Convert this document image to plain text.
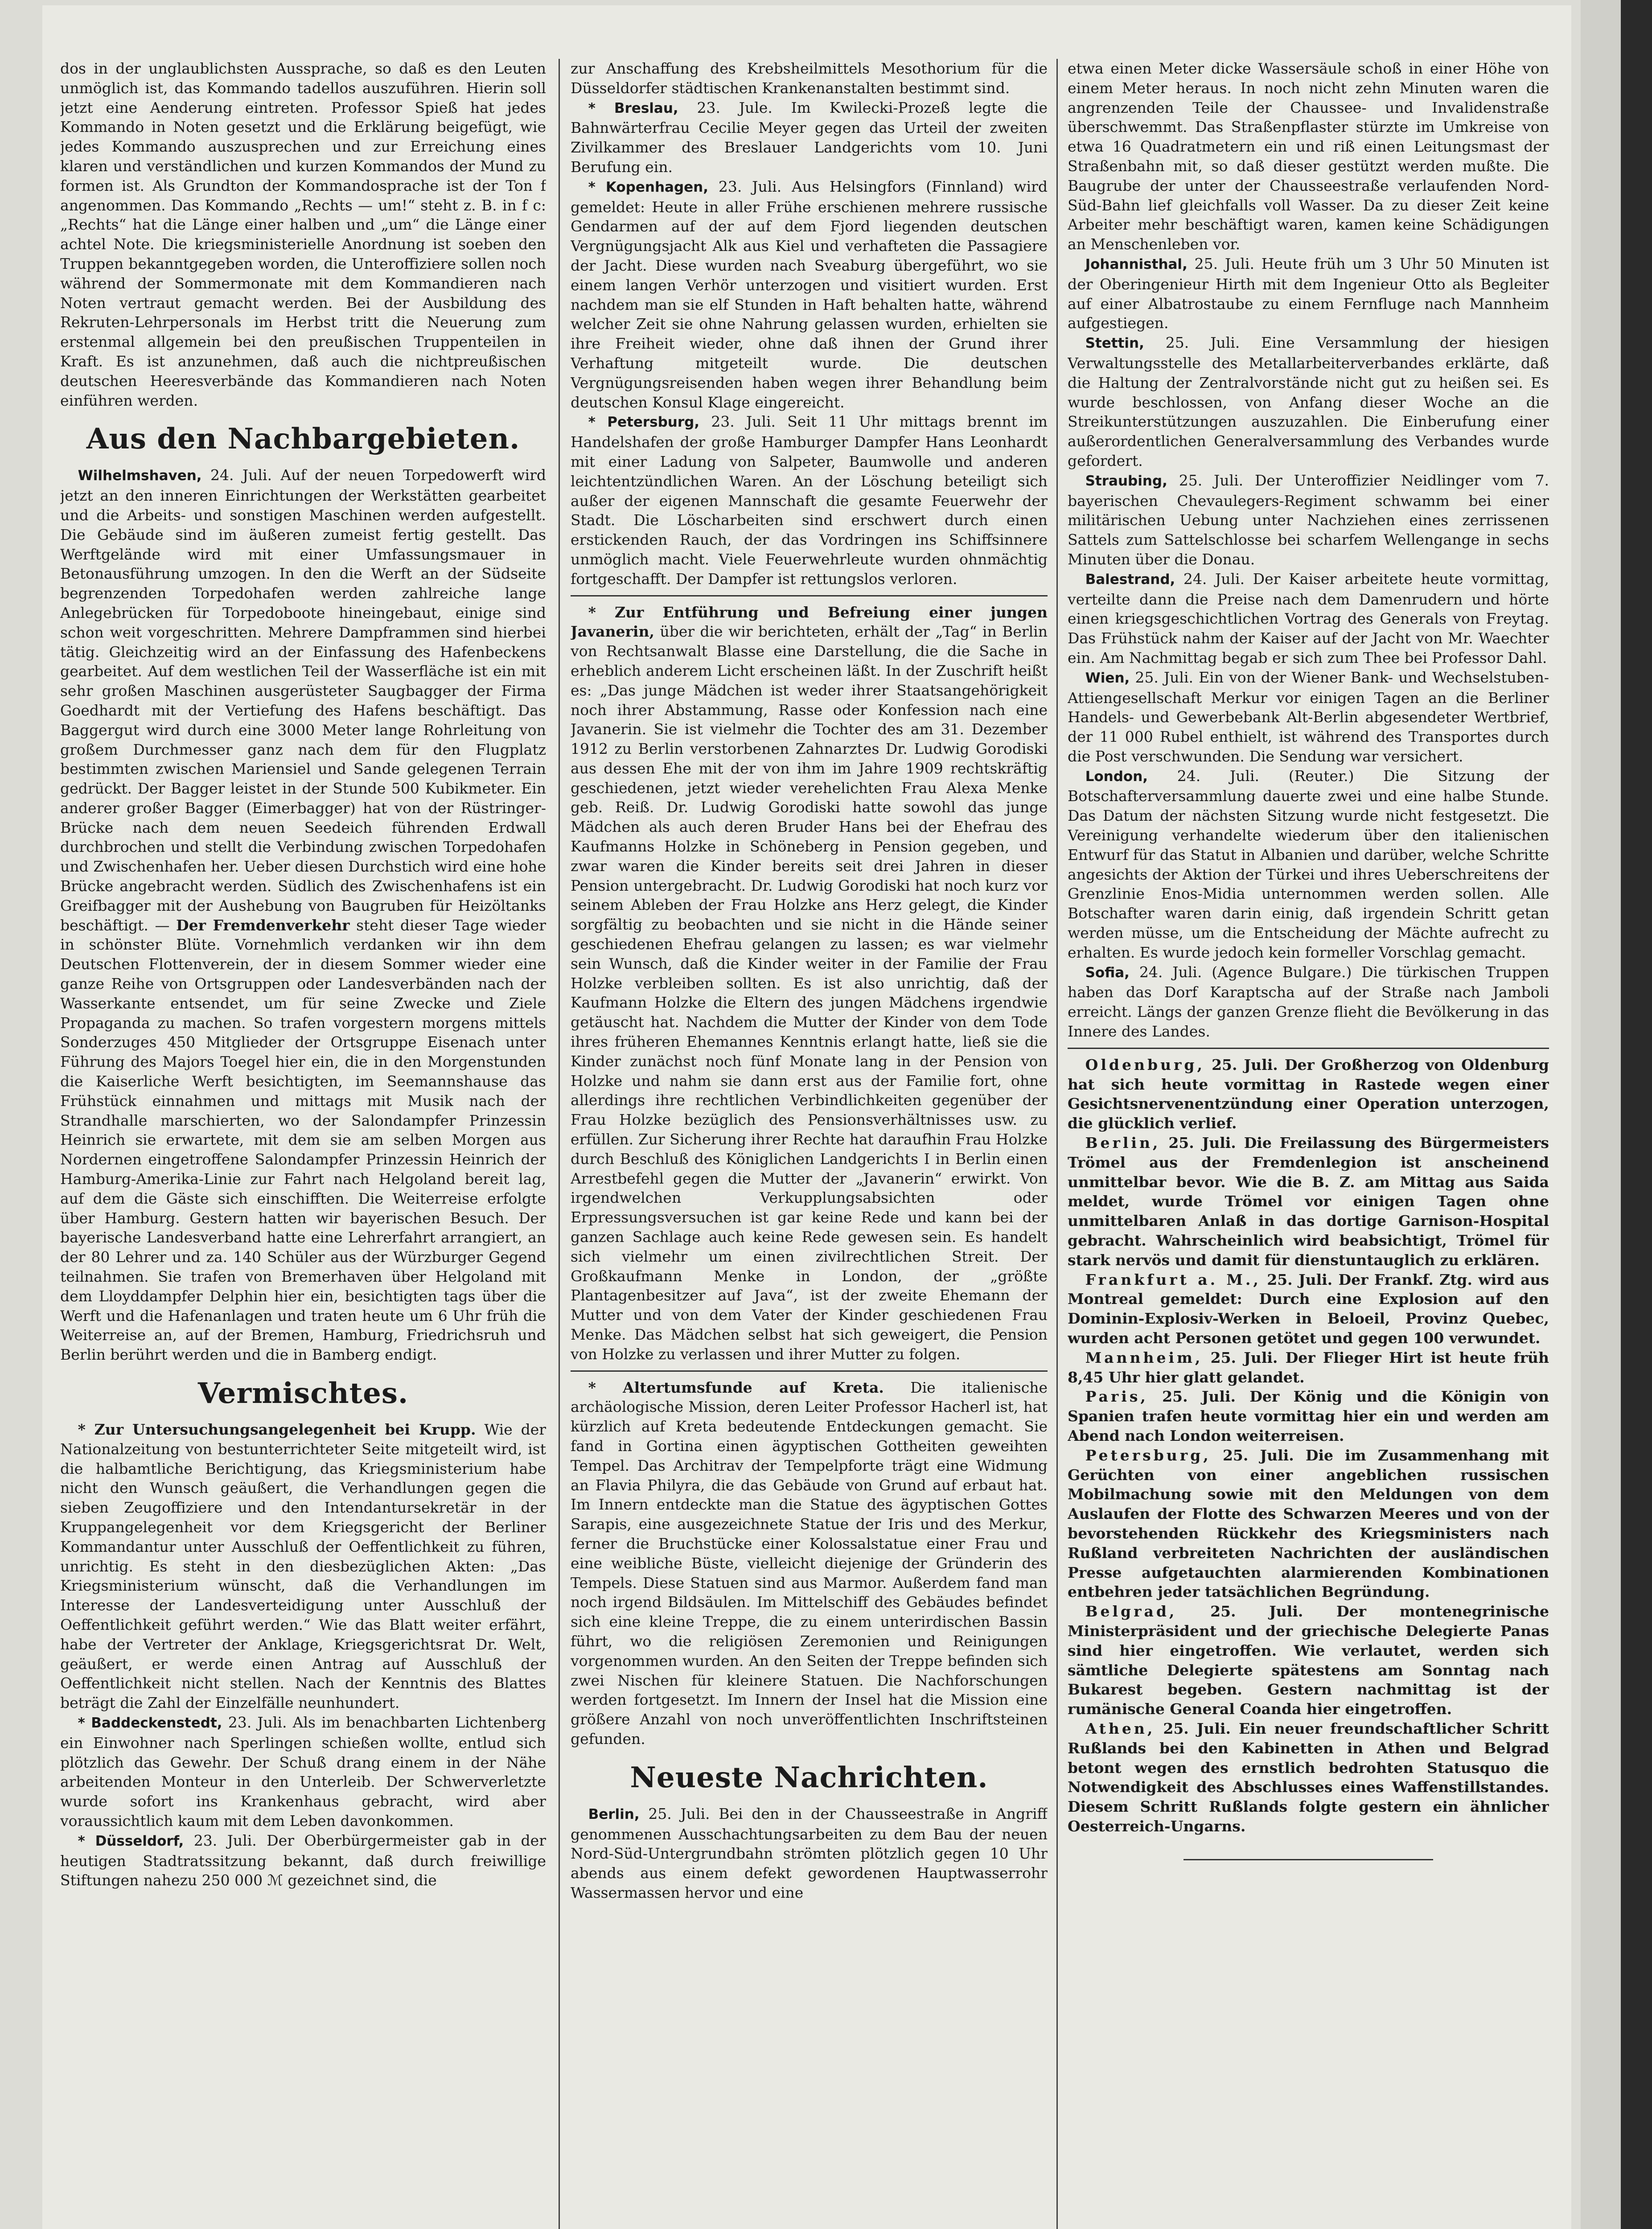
dos in der unglaublichsten Aussprache, so daß es den Leuten unmöglich ist, das Kommando tadellos auszuführen. Hierin soll jetzt eine Aenderung eintreten. Professor Spieß hat jedes Kommando in Noten gesetzt und die Erklärung beigefügt, wie jedes Kommando auszusprechen und zur Erreichung eines klaren und verständlichen und kurzen Kommandos der Mund zu formen ist. Als Grundton der Kommandosprache ist der Ton f angenommen. Das Kommando „Rechts — um!“ steht z. B. in f c: „Rechts“ hat die Länge einer halben und „um“ die Länge einer achtel Note. Die kriegsministerielle Anordnung ist soeben den Truppen bekanntgegeben worden, die Unteroffiziere sollen noch während der Sommermonate mit dem Kommandieren nach Noten vertraut gemacht werden. Bei der Ausbildung des Rekruten-Lehrpersonals im Herbst tritt die Neuerung zum erstenmal allgemein bei den preußischen Truppenteilen in Kraft. Es ist anzunehmen, daß auch die nichtpreußischen deutschen Heeresverbände das Kommandieren nach Noten einführen werden.

Aus den Nachbargebieten.

Wilhelmshaven, 24. Juli. Auf der neuen Torpedowerft wird jetzt an den inneren Einrichtungen der Werkstätten gearbeitet und die Arbeits- und sonstigen Maschinen werden aufgestellt. Die Gebäude sind im äußeren zumeist fertig gestellt. Das Werftgelände wird mit einer Umfassungsmauer in Betonausführung umzogen. In den die Werft an der Südseite begrenzenden Torpedohafen werden zahlreiche lange Anlegebrücken für Torpedoboote hineingebaut, einige sind schon weit vorgeschritten. Mehrere Dampframmen sind hierbei tätig. Gleichzeitig wird an der Einfassung des Hafenbeckens gearbeitet. Auf dem westlichen Teil der Wasserfläche ist ein mit sehr großen Maschinen ausgerüsteter Saugbagger der Firma Goedhardt mit der Vertiefung des Hafens beschäftigt. Das Baggergut wird durch eine 3000 Meter lange Rohrleitung von großem Durchmesser ganz nach dem für den Flugplatz bestimmten zwischen Mariensiel und Sande gelegenen Terrain gedrückt. Der Bagger leistet in der Stunde 500 Kubikmeter. Ein anderer großer Bagger (Eimerbagger) hat von der Rüstringer-Brücke nach dem neuen Seedeich führenden Erdwall durchbrochen und stellt die Verbindung zwischen Torpedohafen und Zwischenhafen her. Ueber diesen Durchstich wird eine hohe Brücke angebracht werden. Südlich des Zwischenhafens ist ein Greifbagger mit der Aushebung von Baugruben für Heizöltanks beschäftigt. — Der Fremdenverkehr steht dieser Tage wieder in schönster Blüte. Vornehmlich verdanken wir ihn dem Deutschen Flottenverein, der in diesem Sommer wieder eine ganze Reihe von Ortsgruppen oder Landesverbänden nach der Wasserkante entsendet, um für seine Zwecke und Ziele Propaganda zu machen. So trafen vorgestern morgens mittels Sonderzuges 450 Mitglieder der Ortsgruppe Eisenach unter Führung des Majors Toegel hier ein, die in den Morgenstunden die Kaiserliche Werft besichtigten, im Seemannshause das Frühstück einnahmen und mittags mit Musik nach der Strandhalle marschierten, wo der Salondampfer Prinzessin Heinrich sie erwartete, mit dem sie am selben Morgen aus Nordernen eingetroffene Salondampfer Prinzessin Heinrich der Hamburg-Amerika-Linie zur Fahrt nach Helgoland bereit lag, auf dem die Gäste sich einschifften. Die Weiterreise erfolgte über Hamburg. Gestern hatten wir bayerischen Besuch. Der bayerische Landesverband hatte eine Lehrerfahrt arrangiert, an der 80 Lehrer und za. 140 Schüler aus der Würzburger Gegend teilnahmen. Sie trafen von Bremerhaven über Helgoland mit dem Lloyddampfer Delphin hier ein, besichtigten tags über die Werft und die Hafenanlagen und traten heute um 6 Uhr früh die Weiterreise an, auf der Bremen, Hamburg, Friedrichsruh und Berlin berührt werden und die in Bamberg endigt.

Vermischtes.

* Zur Untersuchungsangelegenheit bei Krupp. Wie der Nationalzeitung von bestunterrichteter Seite mitgeteilt wird, ist die halbamtliche Berichtigung, das Kriegsministerium habe nicht den Wunsch geäußert, die Verhandlungen gegen die sieben Zeugoffiziere und den Intendantursekretär in der Kruppangelegenheit vor dem Kriegsgericht der Berliner Kommandantur unter Ausschluß der Oeffentlichkeit zu führen, unrichtig. Es steht in den diesbezüglichen Akten: „Das Kriegsministerium wünscht, daß die Verhandlungen im Interesse der Landesverteidigung unter Ausschluß der Oeffentlichkeit geführt werden.“ Wie das Blatt weiter erfährt, habe der Vertreter der Anklage, Kriegsgerichtsrat Dr. Welt, geäußert, er werde einen Antrag auf Ausschluß der Oeffentlichkeit nicht stellen. Nach der Kenntnis des Blattes beträgt die Zahl der Einzelfälle neunhundert.

* Baddeckenstedt, 23. Juli. Als im benachbarten Lichtenberg ein Einwohner nach Sperlingen schießen wollte, entlud sich plötzlich das Gewehr. Der Schuß drang einem in der Nähe arbeitenden Monteur in den Unterleib. Der Schwerverletzte wurde sofort ins Krankenhaus gebracht, wird aber voraussichtlich kaum mit dem Leben davonkommen.

* Düsseldorf, 23. Juli. Der Oberbürgermeister gab in der heutigen Stadtratssitzung bekannt, daß durch freiwillige Stiftungen nahezu 250 000 ℳ gezeichnet sind, die

zur Anschaffung des Krebsheilmittels Mesothorium für die Düsseldorfer städtischen Krankenanstalten bestimmt sind.

* Breslau, 23. Jule. Im Kwilecki-Prozeß legte die Bahnwärterfrau Cecilie Meyer gegen das Urteil der zweiten Zivilkammer des Breslauer Landgerichts vom 10. Juni Berufung ein.

* Kopenhagen, 23. Juli. Aus Helsingfors (Finnland) wird gemeldet: Heute in aller Frühe erschienen mehrere russische Gendarmen auf der auf dem Fjord liegenden deutschen Vergnügungsjacht Alk aus Kiel und verhafteten die Passagiere der Jacht. Diese wurden nach Sveaburg übergeführt, wo sie einem langen Verhör unterzogen und visitiert wurden. Erst nachdem man sie elf Stunden in Haft behalten hatte, während welcher Zeit sie ohne Nahrung gelassen wurden, erhielten sie ihre Freiheit wieder, ohne daß ihnen der Grund ihrer Verhaftung mitgeteilt wurde. Die deutschen Vergnügungsreisenden haben wegen ihrer Behandlung beim deutschen Konsul Klage eingereicht.

* Petersburg, 23. Juli. Seit 11 Uhr mittags brennt im Handelshafen der große Hamburger Dampfer Hans Leonhardt mit einer Ladung von Salpeter, Baumwolle und anderen leichtentzündlichen Waren. An der Löschung beteiligt sich außer der eigenen Mannschaft die gesamte Feuerwehr der Stadt. Die Löscharbeiten sind erschwert durch einen erstickenden Rauch, der das Vordringen ins Schiffsinnere unmöglich macht. Viele Feuerwehrleute wurden ohnmächtig fortgeschafft. Der Dampfer ist rettungslos verloren.

* Zur Entführung und Befreiung einer jungen Javanerin, über die wir berichteten, erhält der „Tag“ in Berlin von Rechtsanwalt Blasse eine Darstellung, die die Sache in erheblich anderem Licht erscheinen läßt. In der Zuschrift heißt es: „Das junge Mädchen ist weder ihrer Staatsangehörigkeit noch ihrer Abstammung, Rasse oder Konfession nach eine Javanerin. Sie ist vielmehr die Tochter des am 31. Dezember 1912 zu Berlin verstorbenen Zahnarztes Dr. Ludwig Gorodiski aus dessen Ehe mit der von ihm im Jahre 1909 rechtskräftig geschiedenen, jetzt wieder verehelichten Frau Alexa Menke geb. Reiß. Dr. Ludwig Gorodiski hatte sowohl das junge Mädchen als auch deren Bruder Hans bei der Ehefrau des Kaufmanns Holzke in Schöneberg in Pension gegeben, und zwar waren die Kinder bereits seit drei Jahren in dieser Pension untergebracht. Dr. Ludwig Gorodiski hat noch kurz vor seinem Ableben der Frau Holzke ans Herz gelegt, die Kinder sorgfältig zu beobachten und sie nicht in die Hände seiner geschiedenen Ehefrau gelangen zu lassen; es war vielmehr sein Wunsch, daß die Kinder weiter in der Familie der Frau Holzke verbleiben sollten. Es ist also unrichtig, daß der Kaufmann Holzke die Eltern des jungen Mädchens irgendwie getäuscht hat. Nachdem die Mutter der Kinder von dem Tode ihres früheren Ehemannes Kenntnis erlangt hatte, ließ sie die Kinder zunächst noch fünf Monate lang in der Pension von Holzke und nahm sie dann erst aus der Familie fort, ohne allerdings ihre rechtlichen Verbindlichkeiten gegenüber der Frau Holzke bezüglich des Pensionsverhältnisses usw. zu erfüllen. Zur Sicherung ihrer Rechte hat daraufhin Frau Holzke durch Beschluß des Königlichen Landgerichts I in Berlin einen Arrestbefehl gegen die Mutter der „Javanerin“ erwirkt. Von irgendwelchen Verkupplungsabsichten oder Erpressungsversuchen ist gar keine Rede und kann bei der ganzen Sachlage auch keine Rede gewesen sein. Es handelt sich vielmehr um einen zivilrechtlichen Streit. Der Großkaufmann Menke in London, der „größte Plantagenbesitzer auf Java“, ist der zweite Ehemann der Mutter und von dem Vater der Kinder geschiedenen Frau Menke. Das Mädchen selbst hat sich geweigert, die Pension von Holzke zu verlassen und ihrer Mutter zu folgen.

* Altertumsfunde auf Kreta. Die italienische archäologische Mission, deren Leiter Professor Hacherl ist, hat kürzlich auf Kreta bedeutende Entdeckungen gemacht. Sie fand in Gortina einen ägyptischen Gottheiten geweihten Tempel. Das Architrav der Tempelpforte trägt eine Widmung an Flavia Philyra, die das Gebäude von Grund auf erbaut hat. Im Innern entdeckte man die Statue des ägyptischen Gottes Sarapis, eine ausgezeichnete Statue der Iris und des Merkur, ferner die Bruchstücke einer Kolossalstatue einer Frau und eine weibliche Büste, vielleicht diejenige der Gründerin des Tempels. Diese Statuen sind aus Marmor. Außerdem fand man noch irgend Bildsäulen. Im Mittelschiff des Gebäudes befindet sich eine kleine Treppe, die zu einem unterirdischen Bassin führt, wo die religiösen Zeremonien und Reinigungen vorgenommen wurden. An den Seiten der Treppe befinden sich zwei Nischen für kleinere Statuen. Die Nachforschungen werden fortgesetzt. Im Innern der Insel hat die Mission eine größere Anzahl von noch unveröffentlichten Inschriftsteinen gefunden.

Neueste Nachrichten.

Berlin, 25. Juli. Bei den in der Chausseestraße in Angriff genommenen Ausschachtungsarbeiten zu dem Bau der neuen Nord-Süd-Untergrundbahn strömten plötzlich gegen 10 Uhr abends aus einem defekt gewordenen Hauptwasserrohr Wassermassen hervor und eine

etwa einen Meter dicke Wassersäule schoß in einer Höhe von einem Meter heraus. In noch nicht zehn Minuten waren die angrenzenden Teile der Chaussee- und Invalidenstraße überschwemmt. Das Straßenpflaster stürzte im Umkreise von etwa 16 Quadratmetern ein und riß einen Leitungsmast der Straßenbahn mit, so daß dieser gestützt werden mußte. Die Baugrube der unter der Chausseestraße verlaufenden Nord-Süd-Bahn lief gleichfalls voll Wasser. Da zu dieser Zeit keine Arbeiter mehr beschäftigt waren, kamen keine Schädigungen an Menschenleben vor.

Johannisthal, 25. Juli. Heute früh um 3 Uhr 50 Minuten ist der Oberingenieur Hirth mit dem Ingenieur Otto als Begleiter auf einer Albatrostaube zu einem Fernfluge nach Mannheim aufgestiegen.

Stettin, 25. Juli. Eine Versammlung der hiesigen Verwaltungsstelle des Metallarbeiterverbandes erklärte, daß die Haltung der Zentralvorstände nicht gut zu heißen sei. Es wurde beschlossen, von Anfang dieser Woche an die Streikunterstützungen auszuzahlen. Die Einberufung einer außerordentlichen Generalversammlung des Verbandes wurde gefordert.

Straubing, 25. Juli. Der Unteroffizier Neidlinger vom 7. bayerischen Chevaulegers-Regiment schwamm bei einer militärischen Uebung unter Nachziehen eines zerrissenen Sattels zum Sattelschlosse bei scharfem Wellengange in sechs Minuten über die Donau.

Balestrand, 24. Juli. Der Kaiser arbeitete heute vormittag, verteilte dann die Preise nach dem Damenrudern und hörte einen kriegsgeschichtlichen Vortrag des Generals von Freytag. Das Frühstück nahm der Kaiser auf der Jacht von Mr. Waechter ein. Am Nachmittag begab er sich zum Thee bei Professor Dahl.

Wien, 25. Juli. Ein von der Wiener Bank- und Wechselstuben-Attiengesellschaft Merkur vor einigen Tagen an die Berliner Handels- und Gewerbebank Alt-Berlin abgesendeter Wertbrief, der 11 000 Rubel enthielt, ist während des Transportes durch die Post verschwunden. Die Sendung war versichert.

London, 24. Juli. (Reuter.) Die Sitzung der Botschafterversammlung dauerte zwei und eine halbe Stunde. Das Datum der nächsten Sitzung wurde nicht festgesetzt. Die Vereinigung verhandelte wiederum über den italienischen Entwurf für das Statut in Albanien und darüber, welche Schritte angesichts der Aktion der Türkei und ihres Ueberschreitens der Grenzlinie Enos-Midia unternommen werden sollen. Alle Botschafter waren darin einig, daß irgendein Schritt getan werden müsse, um die Entscheidung der Mächte aufrecht zu erhalten. Es wurde jedoch kein formeller Vorschlag gemacht.

Sofia, 24. Juli. (Agence Bulgare.) Die türkischen Truppen haben das Dorf Karaptscha auf der Straße nach Jamboli erreicht. Längs der ganzen Grenze flieht die Bevölkerung in das Innere des Landes.

Oldenburg, 25. Juli. Der Großherzog von Oldenburg hat sich heute vormittag in Rastede wegen einer Gesichtsnervenentzündung einer Operation unterzogen, die glücklich verlief.

Berlin, 25. Juli. Die Freilassung des Bürgermeisters Trömel aus der Fremdenlegion ist anscheinend unmittelbar bevor. Wie die B. Z. am Mittag aus Saida meldet, wurde Trömel vor einigen Tagen ohne unmittelbaren Anlaß in das dortige Garnison-Hospital gebracht. Wahrscheinlich wird beabsichtigt, Trömel für stark nervös und damit für dienstuntauglich zu erklären.

Frankfurt a. M., 25. Juli. Der Frankf. Ztg. wird aus Montreal gemeldet: Durch eine Explosion auf den Dominin-Explosiv-Werken in Beloeil, Provinz Quebec, wurden acht Personen getötet und gegen 100 verwundet.

Mannheim, 25. Juli. Der Flieger Hirt ist heute früh 8,45 Uhr hier glatt gelandet.

Paris, 25. Juli. Der König und die Königin von Spanien trafen heute vormittag hier ein und werden am Abend nach London weiterreisen.

Petersburg, 25. Juli. Die im Zusammenhang mit Gerüchten von einer angeblichen russischen Mobilmachung sowie mit den Meldungen von dem Auslaufen der Flotte des Schwarzen Meeres und von der bevorstehenden Rückkehr des Kriegsministers nach Rußland verbreiteten Nachrichten der ausländischen Presse aufgetauchten alarmierenden Kombinationen entbehren jeder tatsächlichen Begründung.

Belgrad, 25. Juli. Der montenegrinische Ministerpräsident und der griechische Delegierte Panas sind hier eingetroffen. Wie verlautet, werden sich sämtliche Delegierte spätestens am Sonntag nach Bukarest begeben. Gestern nachmittag ist der rumänische General Coanda hier eingetroffen.

Athen, 25. Juli. Ein neuer freundschaftlicher Schritt Rußlands bei den Kabinetten in Athen und Belgrad betont wegen des ernstlich bedrohten Statusquo die Notwendigkeit des Abschlusses eines Waffenstillstandes. Diesem Schritt Rußlands folgte gestern ein ähnlicher Oesterreich-Ungarns.
